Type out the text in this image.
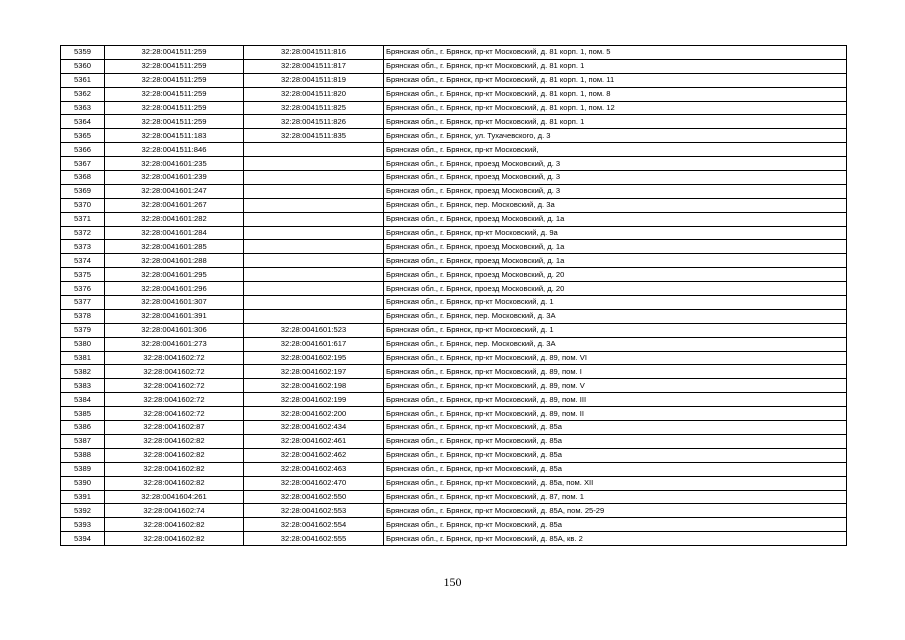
5359	32:28:0041511:259	32:28:0041511:816	Брянская обл., г. Брянск, пр-кт Московский, д. 81 корп. 1, пом. 5
5360	32:28:0041511:259	32:28:0041511:817	Брянская обл., г. Брянск, пр-кт Московский, д. 81 корп. 1
5361	32:28:0041511:259	32:28:0041511:819	Брянская обл., г. Брянск, пр-кт Московский, д. 81 корп. 1, пом. 11
5362	32:28:0041511:259	32:28:0041511:820	Брянская обл., г. Брянск, пр-кт Московский, д. 81 корп. 1, пом. 8
5363	32:28:0041511:259	32:28:0041511:825	Брянская обл., г. Брянск, пр-кт Московский, д. 81 корп. 1, пом. 12
5364	32:28:0041511:259	32:28:0041511:826	Брянская обл., г. Брянск, пр-кт Московский, д. 81 корп. 1
5365	32:28:0041511:183	32:28:0041511:835	Брянская обл., г. Брянск, ул. Тухачевского, д. 3
5366	32:28:0041511:846		Брянская обл., г. Брянск, пр-кт Московский,
5367	32:28:0041601:235		Брянская обл., г. Брянск, проезд Московский, д. 3
5368	32:28:0041601:239		Брянская обл., г. Брянск, проезд Московский, д. 3
5369	32:28:0041601:247		Брянская обл., г. Брянск, проезд Московский, д. 3
5370	32:28:0041601:267		Брянская обл., г. Брянск, пер. Московский, д. 3а
5371	32:28:0041601:282		Брянская обл., г. Брянск, проезд Московский, д. 1а
5372	32:28:0041601:284		Брянская обл., г. Брянск, пр-кт Московский, д. 9а
5373	32:28:0041601:285		Брянская обл., г. Брянск, проезд Московский, д. 1а
5374	32:28:0041601:288		Брянская обл., г. Брянск, проезд Московский, д. 1а
5375	32:28:0041601:295		Брянская обл., г. Брянск, проезд Московский, д. 20
5376	32:28:0041601:296		Брянская обл., г. Брянск, проезд Московский, д. 20
5377	32:28:0041601:307		Брянская обл., г. Брянск, пр-кт Московский, д. 1
5378	32:28:0041601:391		Брянская обл., г. Брянск, пер. Московский, д. 3А
5379	32:28:0041601:306	32:28:0041601:523	Брянская обл., г. Брянск, пр-кт Московский, д. 1
5380	32:28:0041601:273	32:28:0041601:617	Брянская обл., г. Брянск, пер. Московский, д. 3А
5381	32:28:0041602:72	32:28:0041602:195	Брянская обл., г. Брянск, пр-кт Московский, д. 89, пом. VI
5382	32:28:0041602:72	32:28:0041602:197	Брянская обл., г. Брянск, пр-кт Московский, д. 89, пом. I
5383	32:28:0041602:72	32:28:0041602:198	Брянская обл., г. Брянск, пр-кт Московский, д. 89, пом. V
5384	32:28:0041602:72	32:28:0041602:199	Брянская обл., г. Брянск, пр-кт Московский, д. 89, пом. III
5385	32:28:0041602:72	32:28:0041602:200	Брянская обл., г. Брянск, пр-кт Московский, д. 89, пом. II
5386	32:28:0041602:87	32:28:0041602:434	Брянская обл., г. Брянск, пр-кт Московский, д. 85а
5387	32:28:0041602:82	32:28:0041602:461	Брянская обл., г. Брянск, пр-кт Московский, д. 85а
5388	32:28:0041602:82	32:28:0041602:462	Брянская обл., г. Брянск, пр-кт Московский, д. 85а
5389	32:28:0041602:82	32:28:0041602:463	Брянская обл., г. Брянск, пр-кт Московский, д. 85а
5390	32:28:0041602:82	32:28:0041602:470	Брянская обл., г. Брянск, пр-кт Московский, д. 85а, пом. XII
5391	32:28:0041604:261	32:28:0041602:550	Брянская обл., г. Брянск, пр-кт Московский, д. 87, пом. 1
5392	32:28:0041602:74	32:28:0041602:553	Брянская обл., г. Брянск, пр-кт Московский, д. 85А, пом. 25-29
5393	32:28:0041602:82	32:28:0041602:554	Брянская обл., г. Брянск, пр-кт Московский, д. 85а
5394	32:28:0041602:82	32:28:0041602:555	Брянская обл., г. Брянск, пр-кт Московский, д. 85А, кв. 2
150
